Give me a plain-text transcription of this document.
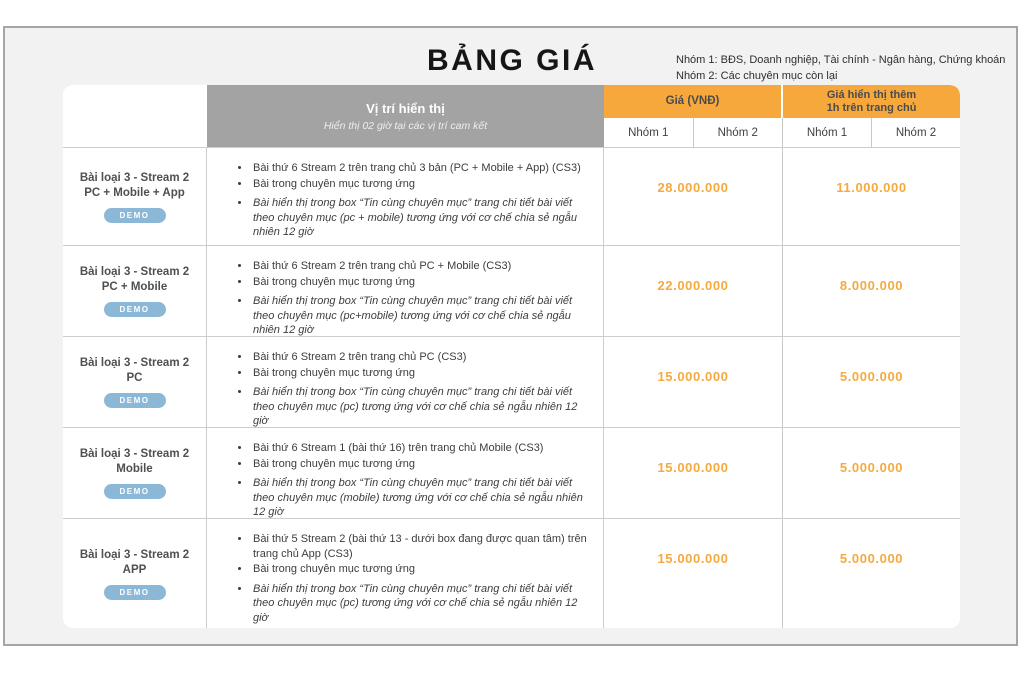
BẢNG GIÁ	Nhóm 1: BĐS, Doanh nghiệp, Tài chính - Ngân hàng, Chứng khoán
Nhóm 2: Các chuyên mục còn lại
Vị trí hiển thị
Hiển thị 02 giờ tại các vị trí cam kết
Giá (VNĐ)
Giá hiển thị thêm
1h trên trang chủ
Nhóm 1	Nhóm 2	Nhóm 1	Nhóm 2
Bài loại 3 - Stream 2
PC + Mobile + App
DEMO
• Bài thứ 6 Stream 2 trên trang chủ 3 bản (PC + Mobile + App) (CS3)
• Bài trong chuyên mục tương ứng
• Bài hiển thị trong box “Tin cùng chuyên mục” trang chi tiết bài viết theo chuyên mục (pc + mobile) tương ứng với cơ chế chia sẻ ngẫu nhiên 12 giờ
28.000.000	11.000.000
Bài loại 3 - Stream 2
PC + Mobile
DEMO
• Bài thứ 6 Stream 2 trên trang chủ PC + Mobile (CS3)
• Bài trong chuyên mục tương ứng
• Bài hiển thị trong box “Tin cùng chuyên mục” trang chi tiết bài viết theo chuyên mục (pc+mobile) tương ứng với cơ chế chia sẻ ngẫu nhiên 12 giờ
22.000.000	8.000.000
Bài loại 3 - Stream 2
PC
DEMO
• Bài thứ 6 Stream 2 trên trang chủ PC (CS3)
• Bài trong chuyên mục tương ứng
• Bài hiển thị trong box “Tin cùng chuyên mục” trang chi tiết bài viết theo chuyên mục (pc) tương ứng với cơ chế chia sẻ ngẫu nhiên 12 giờ
15.000.000	5.000.000
Bài loại 3 - Stream 2
Mobile
DEMO
• Bài thứ 6 Stream 1 (bài thứ 16) trên trang chủ Mobile (CS3)
• Bài trong chuyên mục tương ứng
• Bài hiển thị trong box “Tin cùng chuyên mục” trang chi tiết bài viết theo chuyên mục (mobile) tương ứng với cơ chế chia sẻ ngẫu nhiên 12 giờ
15.000.000	5.000.000
Bài loại 3 - Stream 2
APP
DEMO
• Bài thứ 5 Stream 2 (bài thứ 13 - dưới box đang được quan tâm) trên trang chủ App (CS3)
• Bài trong chuyên mục tương ứng
• Bài hiển thị trong box “Tin cùng chuyên mục” trang chi tiết bài viết theo chuyên mục (pc) tương ứng với cơ chế chia sẻ ngẫu nhiên 12 giờ
15.000.000	5.000.000
